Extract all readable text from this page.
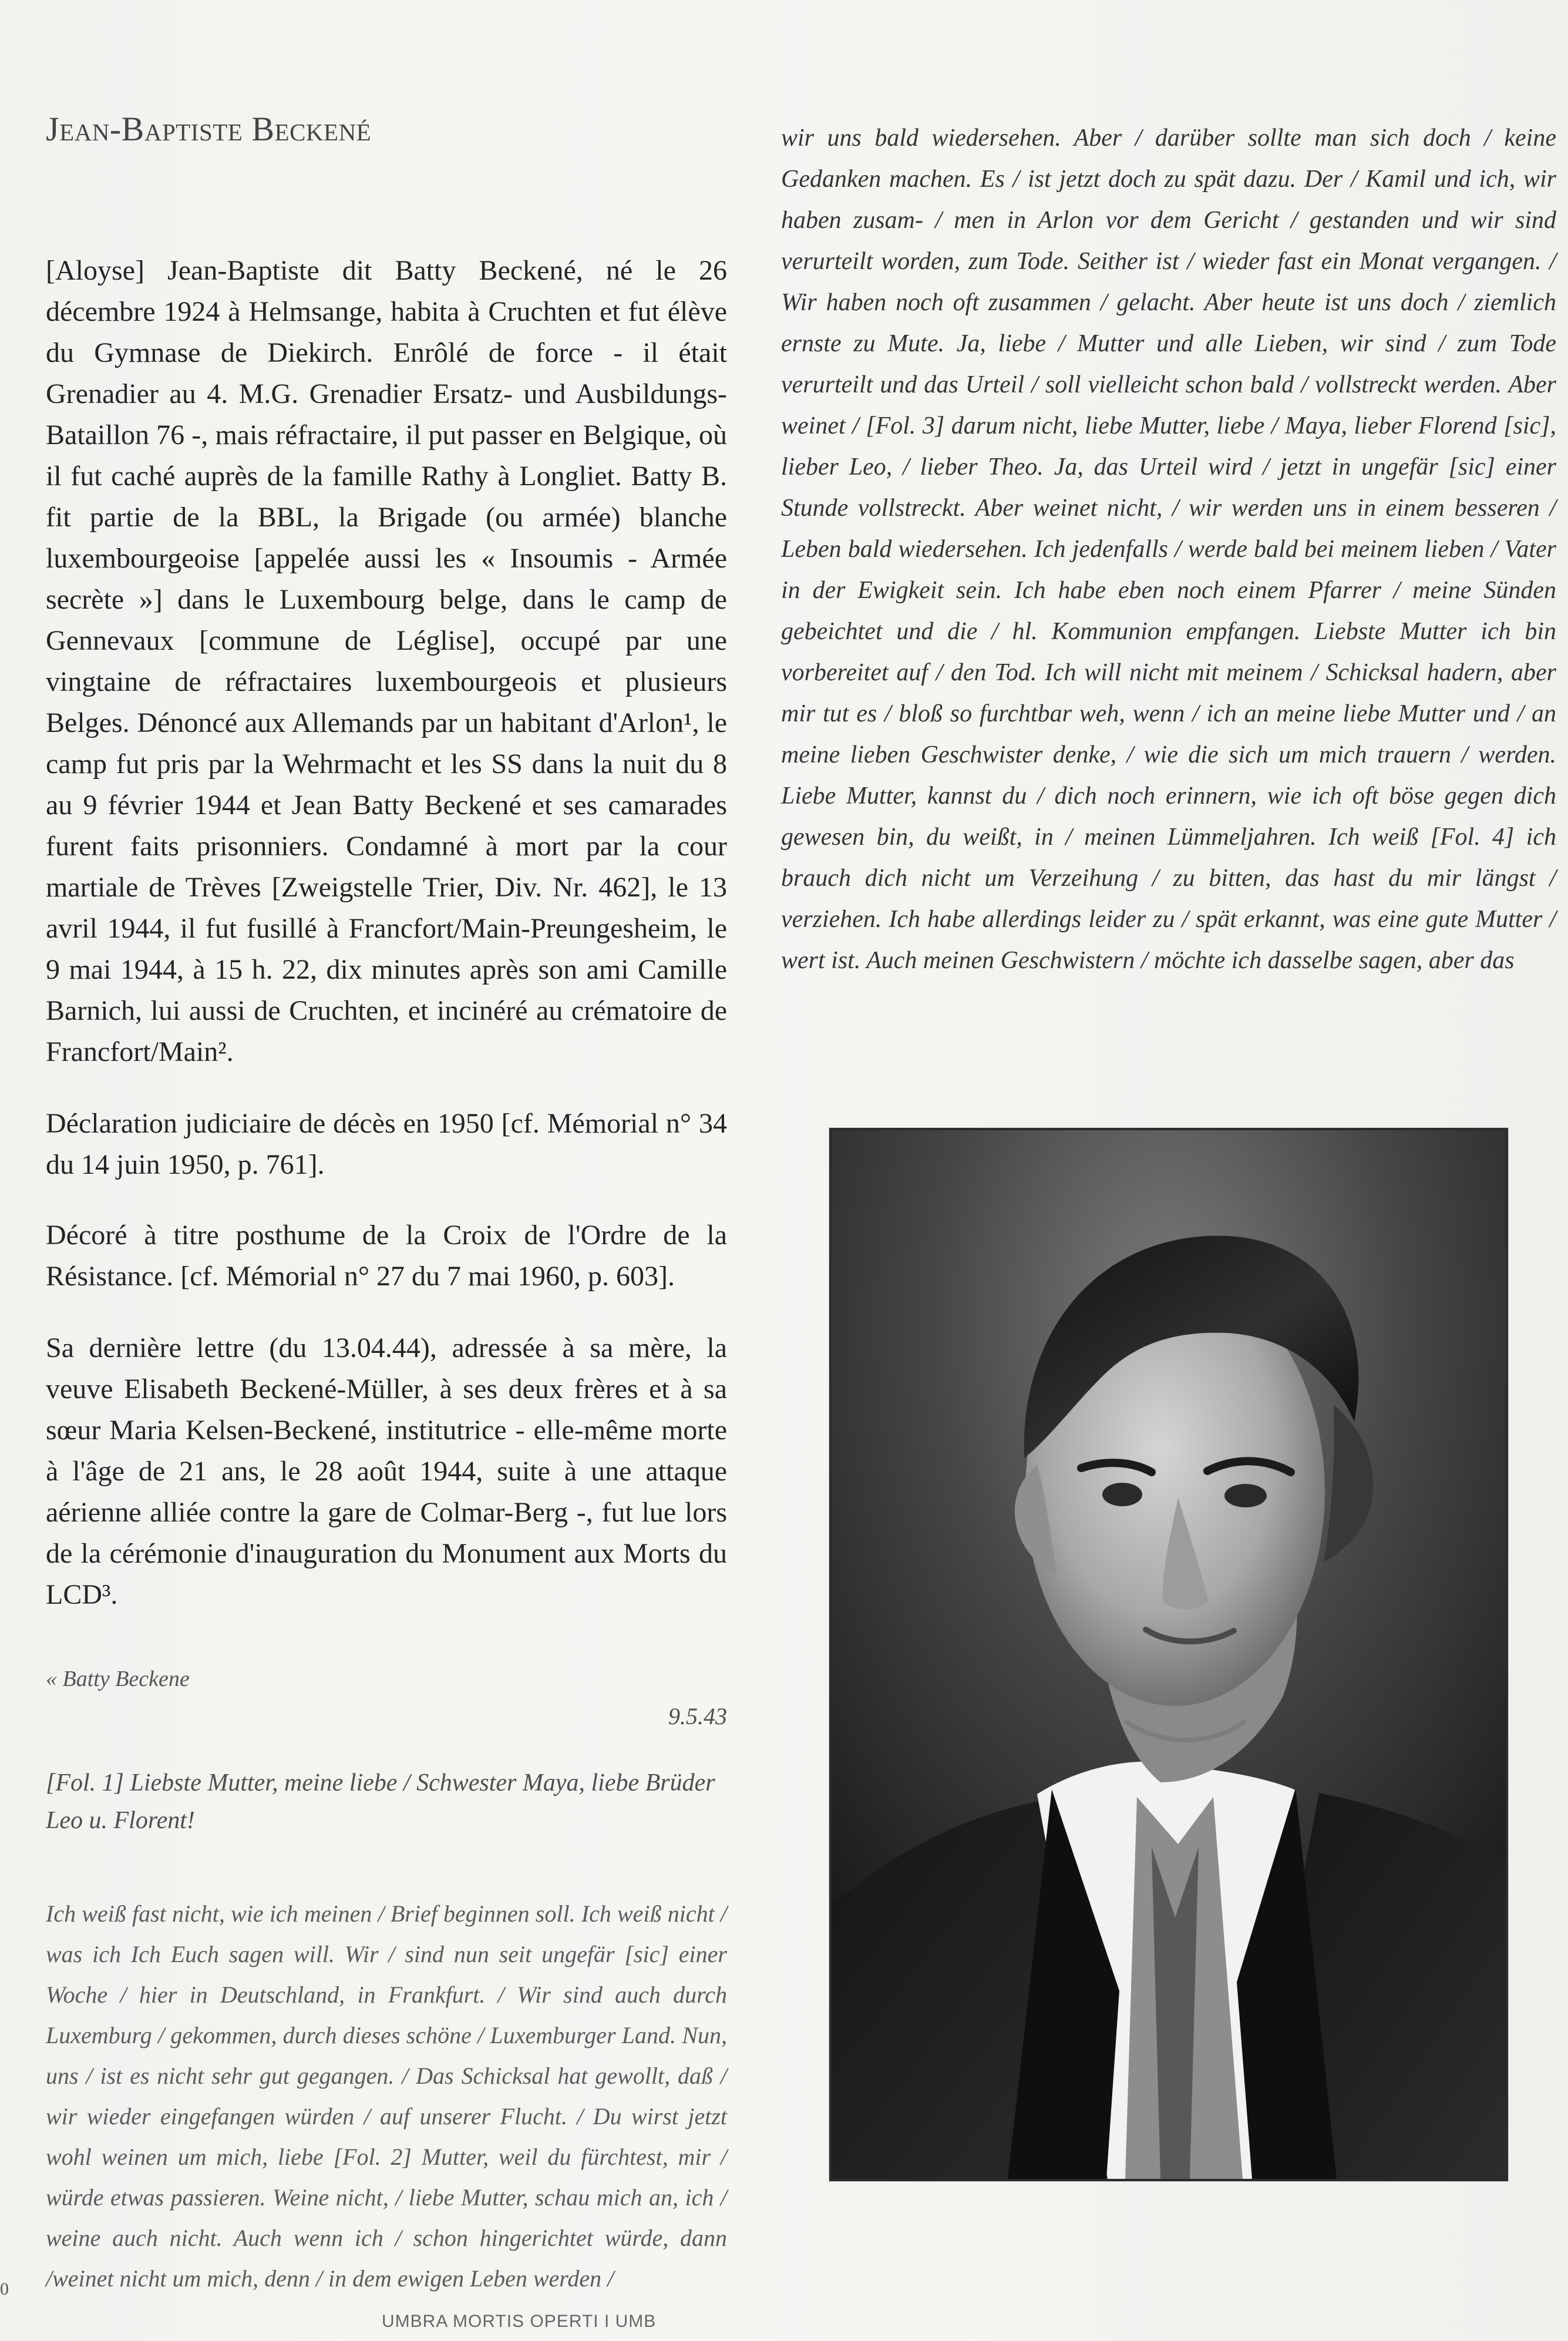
Jean-Baptiste Beckené

[Aloyse] Jean-Baptiste dit Batty Beckené, né le 26 décembre 1924 à Helmsange, habita à Cruchten et fut élève du Gymnase de Diekirch. Enrôlé de force - il était Grenadier au 4. M.G. Grenadier Ersatz- und Ausbildungs-Bataillon 76 -, mais réfractaire, il put passer en Belgique, où il fut caché auprès de la famille Rathy à Longliet. Batty B. fit partie de la BBL, la Brigade (ou armée) blanche luxembourgeoise [appelée aussi les « Insoumis - Armée secrète »] dans le Luxembourg belge, dans le camp de Gennevaux [commune de Léglise], occupé par une vingtaine de réfractaires luxembourgeois et plusieurs Belges. Dénoncé aux Allemands par un habitant d'Arlon¹, le camp fut pris par la Wehrmacht et les SS dans la nuit du 8 au 9 février 1944 et Jean Batty Beckené et ses camarades furent faits prisonniers. Condamné à mort par la cour martiale de Trèves [Zweigstelle Trier, Div. Nr. 462], le 13 avril 1944, il fut fusillé à Francfort/Main-Preungesheim, le 9 mai 1944, à 15 h. 22, dix minutes après son ami Camille Barnich, lui aussi de Cruchten, et incinéré au crématoire de Francfort/Main².

Déclaration judiciaire de décès en 1950 [cf. Mémorial n° 34 du 14 juin 1950, p. 761].

Décoré à titre posthume de la Croix de l'Ordre de la Résistance. [cf. Mémorial n° 27 du 7 mai 1960, p. 603].

Sa dernière lettre (du 13.04.44), adressée à sa mère, la veuve Elisabeth Beckené-Müller, à ses deux frères et à sa sœur Maria Kelsen-Beckené, institutrice - elle-même morte à l'âge de 21 ans, le 28 août 1944, suite à une attaque aérienne alliée contre la gare de Colmar-Berg -, fut lue lors de la cérémonie d'inauguration du Monument aux Morts du LCD³.

« Batty Beckene
9.5.43
[Fol. 1] Liebste Mutter, meine liebe / Schwester Maya, liebe Brüder Leo u. Florent!
Ich weiß fast nicht, wie ich meinen / Brief beginnen soll. Ich weiß nicht / was ich Ich Euch sagen will. Wir / sind nun seit ungefär [sic] einer Woche / hier in Deutschland, in Frankfurt. / Wir sind auch durch Luxemburg / gekommen, durch dieses schöne / Luxemburger Land. Nun, uns / ist es nicht sehr gut gegangen. / Das Schicksal hat gewollt, daß / wir wieder eingefangen würden / auf unserer Flucht. / Du wirst jetzt wohl weinen um mich, liebe [Fol. 2] Mutter, weil du fürchtest, mir / würde etwas passieren. Weine nicht, / liebe Mutter, schau mich an, ich / weine auch nicht. Auch wenn ich / schon hingerichtet würde, dann /weinet nicht um mich, denn / in dem ewigen Leben werden /
wir uns bald wiedersehen. Aber / darüber sollte man sich doch / keine Gedanken machen. Es / ist jetzt doch zu spät dazu. Der / Kamil und ich, wir haben zusam- / men in Arlon vor dem Gericht / gestanden und wir sind verurteilt worden, zum Tode. Seither ist / wieder fast ein Monat vergangen. / Wir haben noch oft zusammen / gelacht. Aber heute ist uns doch / ziemlich ernste zu Mute. Ja, liebe / Mutter und alle Lieben, wir sind / zum Tode verurteilt und das Urteil / soll vielleicht schon bald / vollstreckt werden. Aber weinet / [Fol. 3] darum nicht, liebe Mutter, liebe / Maya, lieber Florend [sic], lieber Leo, / lieber Theo. Ja, das Urteil wird / jetzt in ungefär [sic] einer Stunde vollstreckt. Aber weinet nicht, / wir werden uns in einem besseren / Leben bald wiedersehen. Ich jedenfalls / werde bald bei meinem lieben / Vater in der Ewigkeit sein. Ich habe eben noch einem Pfarrer / meine Sünden gebeichtet und die / hl. Kommunion empfangen. Liebste Mutter ich bin vorbereitet auf / den Tod. Ich will nicht mit meinem / Schicksal hadern, aber mir tut es / bloß so furchtbar weh, wenn / ich an meine liebe Mutter und / an meine lieben Geschwister denke, / wie die sich um mich trauern / werden. Liebe Mutter, kannst du / dich noch erinnern, wie ich oft böse gegen dich gewesen bin, du weißt, in / meinen Lümmeljahren. Ich weiß [Fol. 4] ich brauch dich nicht um Verzeihung / zu bitten, das hast du mir längst / verziehen. Ich habe allerdings leider zu / spät erkannt, was eine gute Mutter / wert ist. Auch meinen Geschwistern / möchte ich dasselbe sagen, aber das
0
UMBRA MORTIS OPERTI I UMB
